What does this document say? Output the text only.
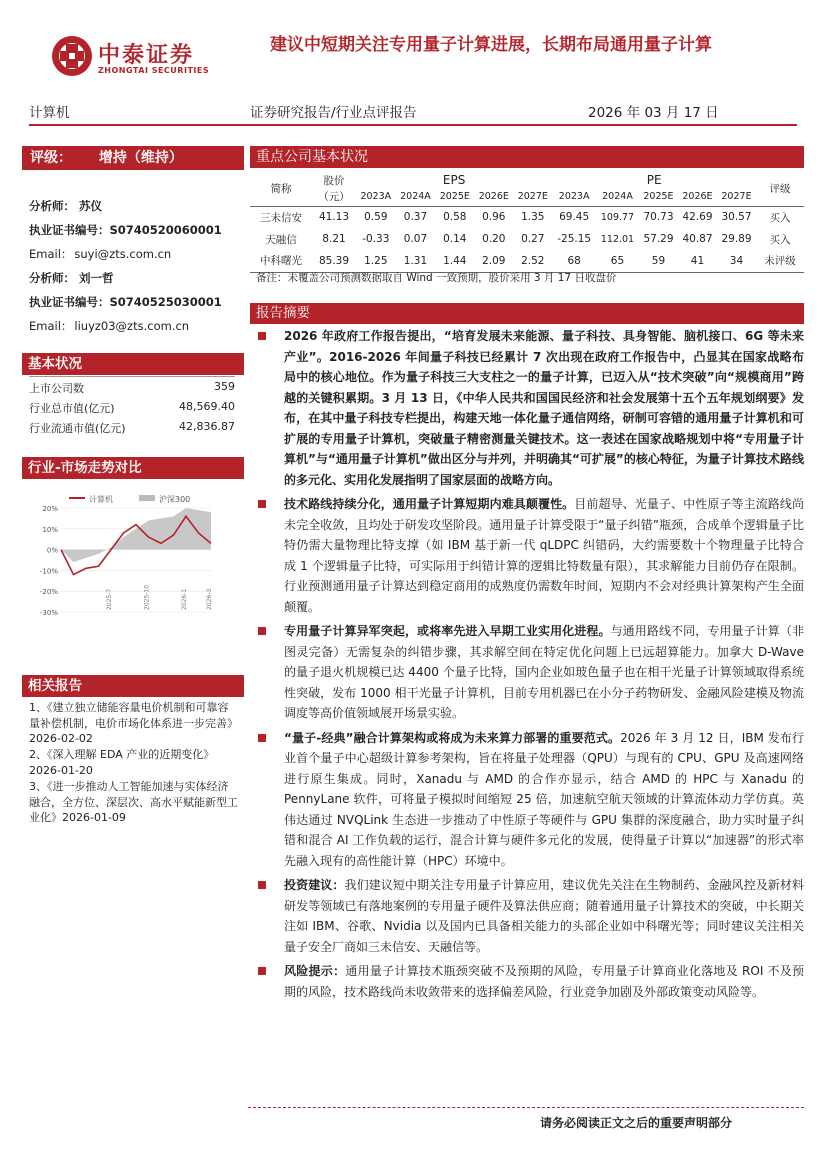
中泰证券
ZHONGTAI SECURITIES
建议中短期关注专用量子计算进展，长期布局通用量子计算
计算机	证券研究报告/行业点评报告	2026 年 03 月 17 日
评级： 增持（维持）
分析师： 苏仪
执业证书编号：S0740520060001
Email： suyi@zts.com.cn
分析师： 刘一哲
执业证书编号：S0740525030001
Email： liuyz03@zts.com.cn
基本状况
上市公司数	359
行业总市值(亿元)	48,569.40
行业流通市值(亿元)	42,836.87
行业-市场走势对比
计算机	沪深300
20%
10%
0%
-10%
-20%
-30%
2025-7	2025-10	2026-1	2026-3
相关报告
1、《建立独立储能容量电价机制和可靠容量补偿机制，电价市场化体系进一步完善》2026-02-02
2、《深入理解 EDA 产业的近期变化》2026-01-20
3、《进一步推动人工智能加速与实体经济融合，全方位、深层次、高水平赋能新型工业化》2026-01-09
重点公司基本状况
简称	股价	EPS					PE					评级
	（元）	2023A	2024A	2025E	2026E	2027E	2023A	2024A	2025E	2026E	2027E	
三未信安	41.13	0.59	0.37	0.58	0.96	1.35	69.45	109.77	70.73	42.69	30.57	买入
天融信	8.21	-0.33	0.07	0.14	0.20	0.27	-25.15	112.01	57.29	40.87	29.89	买入
中科曙光	85.39	1.25	1.31	1.44	2.09	2.52	68	65	59	41	34	未评级
备注：未覆盖公司预测数据取自 Wind 一致预期，股价采用 3 月 17 日收盘价
报告摘要
2026 年政府工作报告提出，“培育发展未来能源、量子科技、具身智能、脑机接口、6G 等未来产业”。2016-2026 年间量子科技已经累计 7 次出现在政府工作报告中，凸显其在国家战略布局中的核心地位。作为量子科技三大支柱之一的量子计算，已迈入从“技术突破”向“规模商用”跨越的关键积累期。3 月 13 日，《中华人民共和国国民经济和社会发展第十五个五年规划纲要》发布，在其中量子科技专栏提出，构建天地一体化量子通信网络，研制可容错的通用量子计算机和可扩展的专用量子计算机，突破量子精密测量关键技术。这一表述在国家战略规划中将“专用量子计算机”与“通用量子计算机”做出区分与并列，并明确其“可扩展”的核心特征，为量子计算技术路线的多元化、实用化发展指明了国家层面的战略方向。
技术路线持续分化，通用量子计算短期内难具颠覆性。目前超导、光量子、中性原子等主流路线尚未完全收敛，且均处于研发攻坚阶段。通用量子计算受限于“量子纠错”瓶颈，合成单个逻辑量子比特仍需大量物理比特支撑（如 IBM 基于新一代 qLDPC 纠错码，大约需要数十个物理量子比特合成 1 个逻辑量子比特，可实际用于纠错计算的逻辑比特数量有限），其求解能力目前仍存在限制。行业预测通用量子计算达到稳定商用的成熟度仍需数年时间，短期内不会对经典计算架构产生全面颠覆。
专用量子计算异军突起，或将率先进入早期工业实用化进程。与通用路线不同，专用量子计算（非图灵完备）无需复杂的纠错步骤，其求解空间在特定优化问题上已远超算能力。加拿大 D-Wave 的量子退火机规模已达 4400 个量子比特，国内企业如玻色量子也在相干光量子计算领域取得系统性突破，发布 1000 相干光量子计算机，目前专用机器已在小分子药物研发、金融风险建模及物流调度等高价值领域展开场景实验。
“量子-经典”融合计算架构或将成为未来算力部署的重要范式。2026 年 3 月 12 日，IBM 发布行业首个量子中心超级计算参考架构，旨在将量子处理器（QPU）与现有的 CPU、GPU 及高速网络进行原生集成。同时，Xanadu 与 AMD 的合作亦显示，结合 AMD 的 HPC 与 Xanadu 的 PennyLane 软件，可将量子模拟时间缩短 25 倍，加速航空航天领域的计算流体动力学仿真。英伟达通过 NVQLink 生态进一步推动了中性原子等硬件与 GPU 集群的深度融合，助力实时量子纠错和混合 AI 工作负载的运行，混合计算与硬件多元化的发展，使得量子计算以“加速器”的形式率先融入现有的高性能计算（HPC）环境中。
投资建议：我们建议短中期关注专用量子计算应用，建议优先关注在生物制药、金融风控及新材料研发等领域已有落地案例的专用量子硬件及算法供应商；随着通用量子计算技术的突破，中长期关注如 IBM、谷歌、Nvidia 以及国内已具备相关能力的头部企业如中科曙光等；同时建议关注相关量子安全厂商如三未信安、天融信等。
风险提示：通用量子计算技术瓶颈突破不及预期的风险，专用量子计算商业化落地及 ROI 不及预期的风险，技术路线尚未收敛带来的选择偏差风险，行业竞争加剧及外部政策变动风险等。
请务必阅读正文之后的重要声明部分
